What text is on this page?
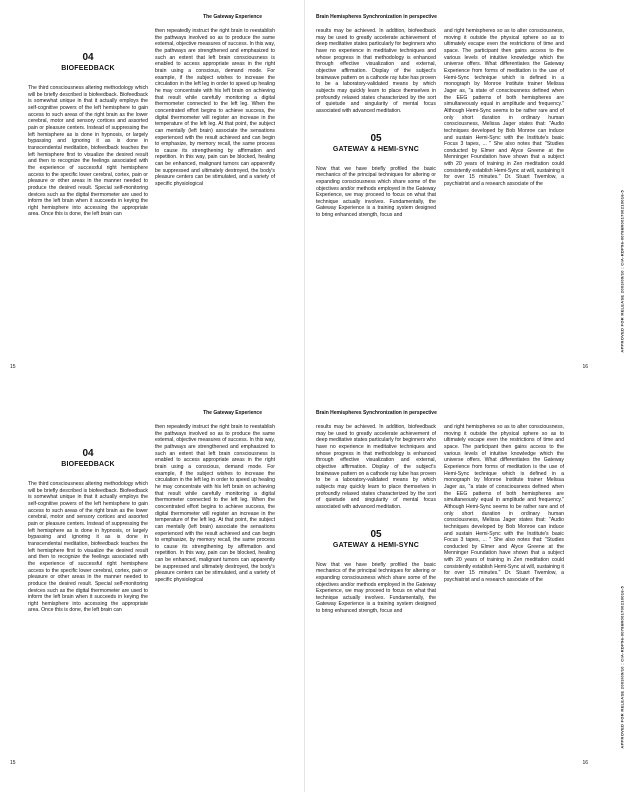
The Gateway Experience
04
BIOFEEDBACK

The third consciousness altering methodology which will be briefly described is biofeedback. Biofeedback is somewhat unique in that it actually employs the self-cognitive powers of the left hemisphere to gain access to such areas of the right brain as the lower cerebral, motor and sensory cortices and assorted pain or pleasure centers. Instead of suppressing the left hemisphere as is done in hypnosis, or largely bypassing and ignoring it as is done in transcendental meditation, biofeedback teaches the left hemisphere first to visualize the desired result and then to recognize the feelings associated with the experience of successful right hemisphere access to the specific lower cerebral, cortex, pain or pleasure or other areas in the manner needed to produce the desired result. Special self-monitoring devices such as the digital thermometer are used to inform the left brain when it succeeds in keying the right hemisphere into accessing the appropriate area. Once this is done, the left brain can

then repeatedly instruct the right brain to reestablish the pathways involved so as to produce the same external, objective measures of success. In this way, the pathways are strengthened and emphasized to such an extent that left brain consciousness is enabled to access appropriate areas in the right brain using a conscious, demand mode. For example, if the subject wishes to increase the circulation in the left leg in order to speed up healing he may concentrate with his left brain on achieving that result while carefully monitoring a digital thermometer connected to the left leg. When the concentrated effort begins to achieve success, the digital thermometer will register an increase in the temperature of the left leg. At that point, the subject can mentally (left brain) associate the sensations experienced with the result achieved and can begin to emphasize, by memory recall, the same process to cause its strengthening by affirmation and repetition. In this way, pain can be blocked, healing can be enhanced, malignant tumors can apparently be suppressed and ultimately destroyed, the body's pleasure centers can be stimulated, and a variety of specific physiological

15
Brain Hemispheres Synchronization in perspective

results may be achieved. In addition, biofeedback may be used to greatly accelerate achievement of deep meditative states particularly for beginners who have no experience in meditative techniques and whose progress in that methodology is enhanced through effective visualization and external, objective affirmation. Display of the subject's brainwave pattern on a cathode ray tube has proven to be a laboratory-validated means by which subjects may quickly learn to place themselves in profoundly relaxed states characterized by the sort of quietude and singularity of mental focus associated with advanced meditation.

05
GATEWAY & HEMI-SYNC

Now that we have briefly profiled the basic mechanics of the principal techniques for altering or expanding consciousness which share some of the objectives and/or methods employed in the Gateway Experience, we may proceed to focus on what that technique actually involves. Fundamentally, the Gateway Experience is a training system designed to bring enhanced strength, focus and

and right hemispheres so as to alter consciousness, moving it outside the physical sphere so as to ultimately escape even the restrictions of time and space. The participant then gains access to the various levels of intuitive knowledge which the universe offers. What differentiates the Gateway Experience from forms of meditation is the use of Hemi-Sync technique which is defined in a monograph by Monroe Institute trainer Melissa Jager as, "a state of consciousness defined when the EEG patterns of both hemispheres are simultaneously equal in amplitude and frequency." Although Hemi-Sync seems to be rather rare and of only short duration in ordinary human consciousness, Melissa Jager states that: "Audio techniques developed by Bob Monroe can induce and sustain Hemi-Sync with the Institute's basic Focus 3 tapes, ... " She also notes that: "Studies conducted by Elmer and Alyce Greene at the Menninger Foundation have shown that a subject with 20 years of training in Zen meditation could consistently establish Hemi-Sync at will, sustaining it for over 15 minutes." Dr. Stuart Twemlow, a psychiatrist and a research associate of the

APPROVED FOR RELEASE 2003/09/10 : CIA-RDP96-00788R001700210016-5
16
The Gateway Experience
04
BIOFEEDBACK

The third consciousness altering methodology which will be briefly described is biofeedback. Biofeedback is somewhat unique in that it actually employs the self-cognitive powers of the left hemisphere to gain access to such areas of the right brain as the lower cerebral, motor and sensory cortices and assorted pain or pleasure centers. Instead of suppressing the left hemisphere as is done in hypnosis, or largely bypassing and ignoring it as is done in transcendental meditation, biofeedback teaches the left hemisphere first to visualize the desired result and then to recognize the feelings associated with the experience of successful right hemisphere access to the specific lower cerebral, cortex, pain or pleasure or other areas in the manner needed to produce the desired result. Special self-monitoring devices such as the digital thermometer are used to inform the left brain when it succeeds in keying the right hemisphere into accessing the appropriate area. Once this is done, the left brain can

then repeatedly instruct the right brain to reestablish the pathways involved so as to produce the same external, objective measures of success. In this way, the pathways are strengthened and emphasized to such an extent that left brain consciousness is enabled to access appropriate areas in the right brain using a conscious, demand mode. For example, if the subject wishes to increase the circulation in the left leg in order to speed up healing he may concentrate with his left brain on achieving that result while carefully monitoring a digital thermometer connected to the left leg. When the concentrated effort begins to achieve success, the digital thermometer will register an increase in the temperature of the left leg. At that point, the subject can mentally (left brain) associate the sensations experienced with the result achieved and can begin to emphasize, by memory recall, the same process to cause its strengthening by affirmation and repetition. In this way, pain can be blocked, healing can be enhanced, malignant tumors can apparently be suppressed and ultimately destroyed, the body's pleasure centers can be stimulated, and a variety of specific physiological

15
Brain Hemispheres Synchronization in perspective

results may be achieved. In addition, biofeedback may be used to greatly accelerate achievement of deep meditative states particularly for beginners who have no experience in meditative techniques and whose progress in that methodology is enhanced through effective visualization and external, objective affirmation. Display of the subject's brainwave pattern on a cathode ray tube has proven to be a laboratory-validated means by which subjects may quickly learn to place themselves in profoundly relaxed states characterized by the sort of quietude and singularity of mental focus associated with advanced meditation.

05
GATEWAY & HEMI-SYNC

Now that we have briefly profiled the basic mechanics of the principal techniques for altering or expanding consciousness which share some of the objectives and/or methods employed in the Gateway Experience, we may proceed to focus on what that technique actually involves. Fundamentally, the Gateway Experience is a training system designed to bring enhanced strength, focus and

and right hemispheres so as to alter consciousness, moving it outside the physical sphere so as to ultimately escape even the restrictions of time and space. The participant then gains access to the various levels of intuitive knowledge which the universe offers. What differentiates the Gateway Experience from forms of meditation is the use of Hemi-Sync technique which is defined in a monograph by Monroe Institute trainer Melissa Jager as, "a state of consciousness defined when the EEG patterns of both hemispheres are simultaneously equal in amplitude and frequency." Although Hemi-Sync seems to be rather rare and of only short duration in ordinary human consciousness, Melissa Jager states that: "Audio techniques developed by Bob Monroe can induce and sustain Hemi-Sync with the Institute's basic Focus 3 tapes, ... " She also notes that: "Studies conducted by Elmer and Alyce Greene at the Menninger Foundation have shown that a subject with 20 years of training in Zen meditation could consistently establish Hemi-Sync at will, sustaining it for over 15 minutes." Dr. Stuart Twemlow, a psychiatrist and a research associate of the

APPROVED FOR RELEASE 2003/09/10 : CIA-RDP96-00788R001700210016-5
16
